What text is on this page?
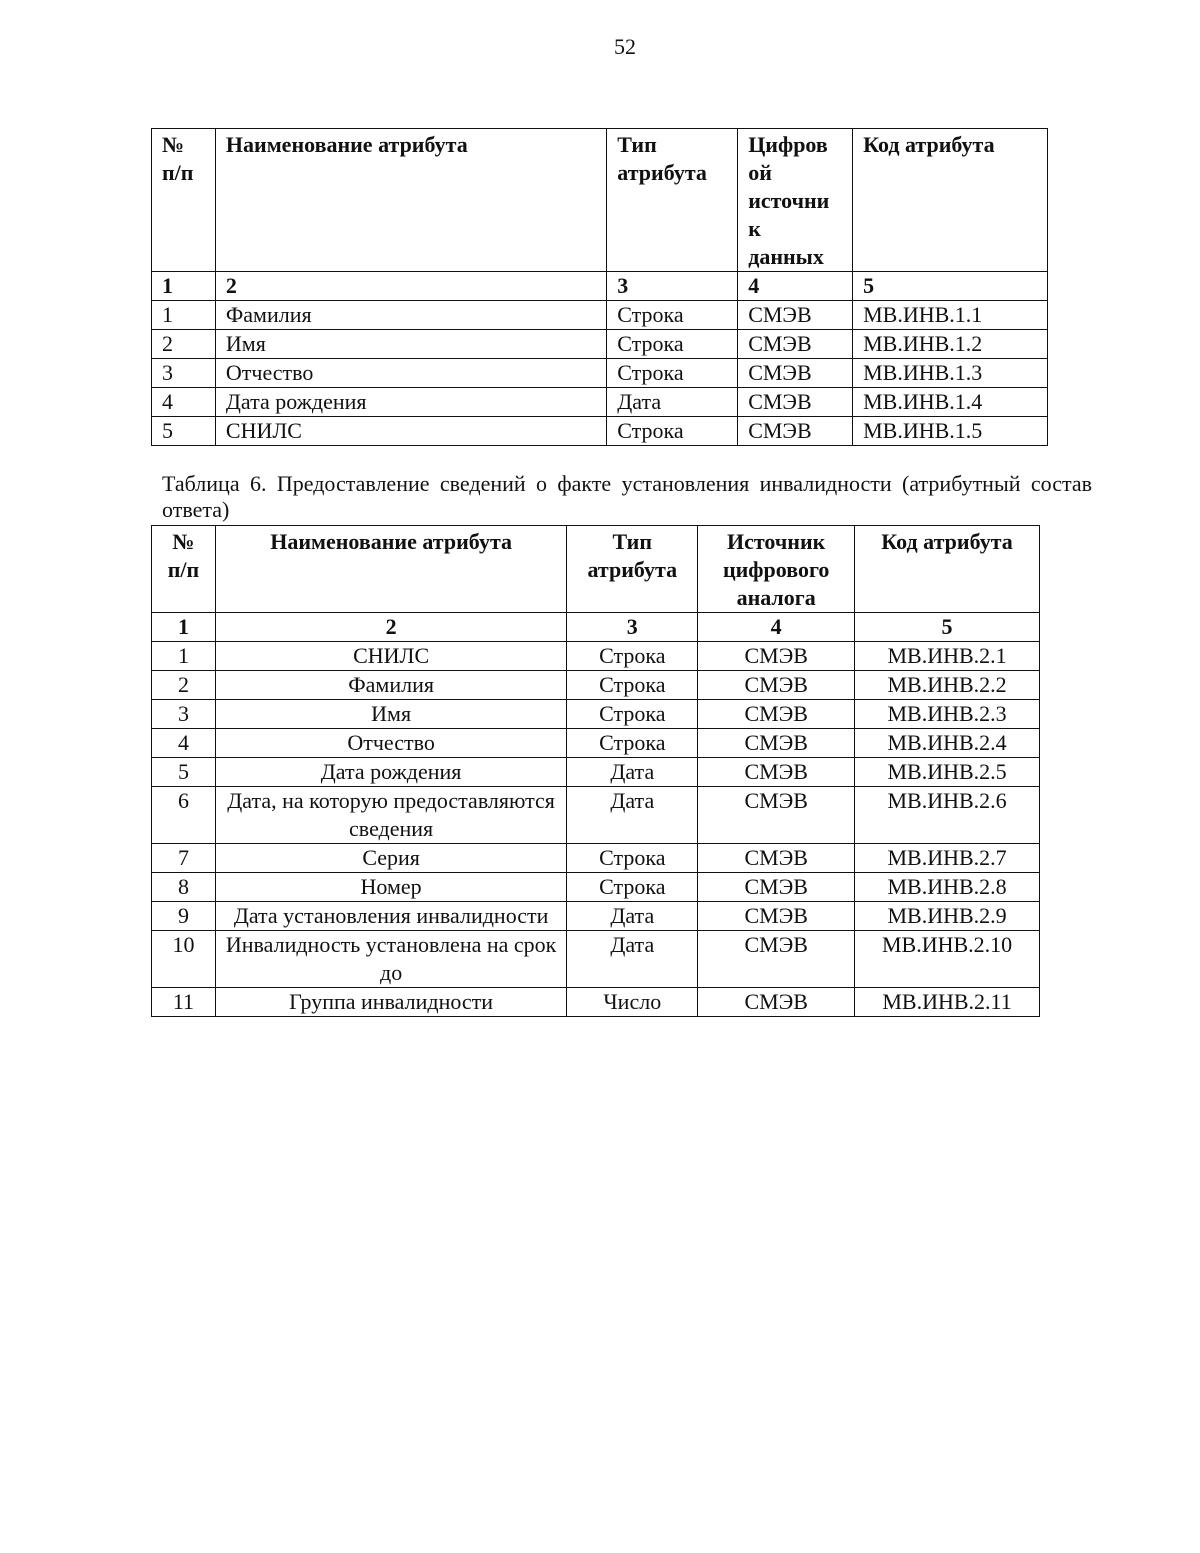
52
№
п/п	Наименование атрибута	Тип
атрибута	Цифров
ой
источни
к
данных	Код атрибута
1	2	3	4	5
1	Фамилия	Строка	СМЭВ	МВ.ИНВ.1.1
2	Имя	Строка	СМЭВ	МВ.ИНВ.1.2
3	Отчество	Строка	СМЭВ	МВ.ИНВ.1.3
4	Дата рождения	Дата	СМЭВ	МВ.ИНВ.1.4
5	СНИЛС	Строка	СМЭВ	МВ.ИНВ.1.5
Таблица 6. Предоставление сведений о факте установления инвалидности (атрибутный состав ответа)
№
п/п	Наименование атрибута	Тип
атрибута	Источник
цифрового
аналога	Код атрибута
1	2	3	4	5
1	СНИЛС	Строка	СМЭВ	МВ.ИНВ.2.1
2	Фамилия	Строка	СМЭВ	МВ.ИНВ.2.2
3	Имя	Строка	СМЭВ	МВ.ИНВ.2.3
4	Отчество	Строка	СМЭВ	МВ.ИНВ.2.4
5	Дата рождения	Дата	СМЭВ	МВ.ИНВ.2.5
6	Дата, на которую предоставляются сведения	Дата	СМЭВ	МВ.ИНВ.2.6
7	Серия	Строка	СМЭВ	МВ.ИНВ.2.7
8	Номер	Строка	СМЭВ	МВ.ИНВ.2.8
9	Дата установления инвалидности	Дата	СМЭВ	МВ.ИНВ.2.9
10	Инвалидность установлена на срок до	Дата	СМЭВ	МВ.ИНВ.2.10
11	Группа инвалидности	Число	СМЭВ	МВ.ИНВ.2.11
